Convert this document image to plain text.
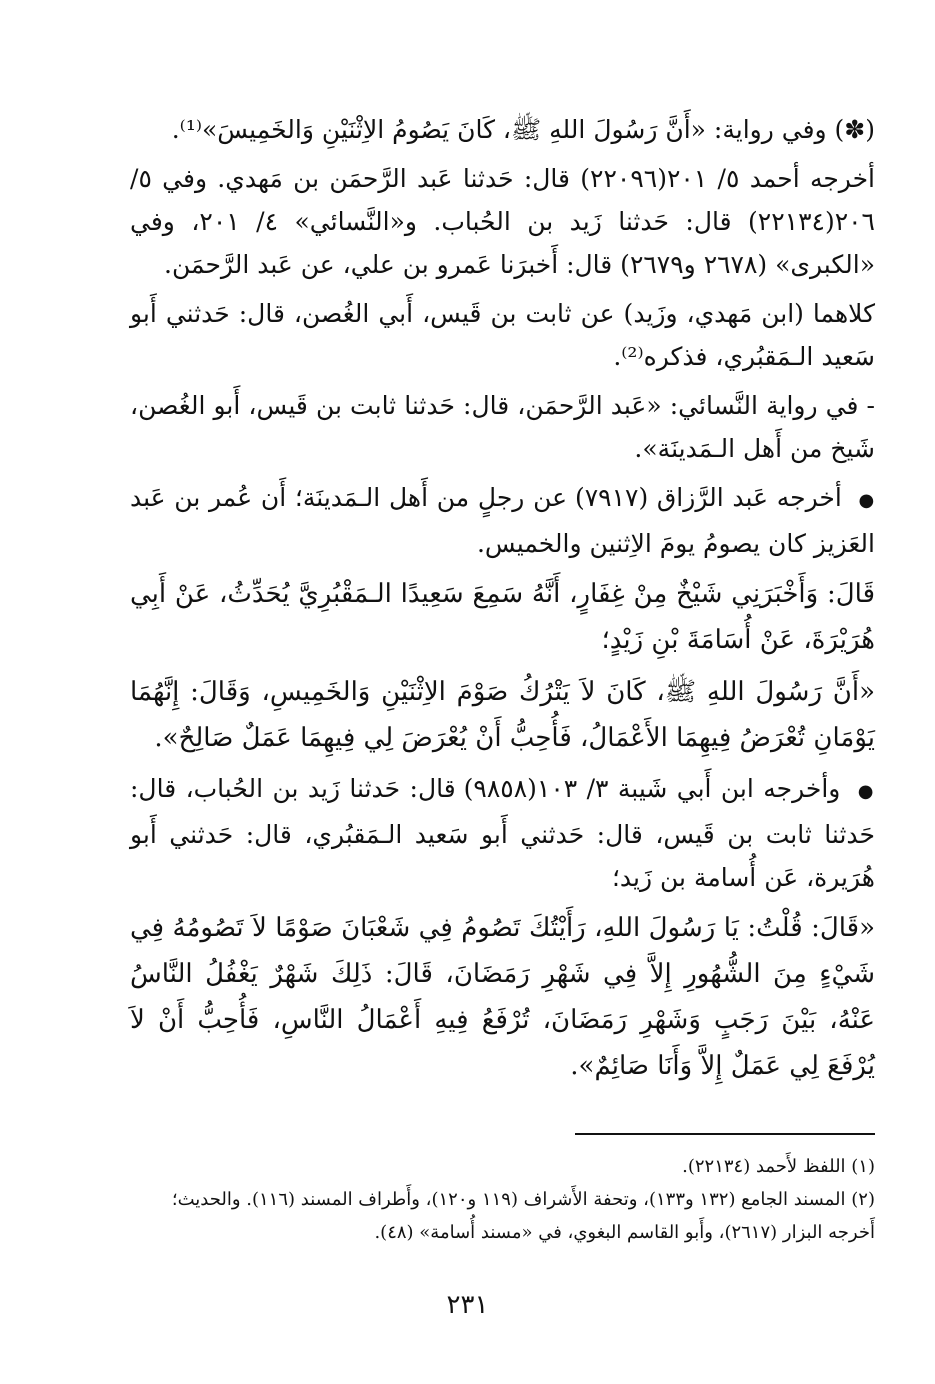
(✽) وفي رواية: «أَنَّ رَسُولَ اللهِ ﷺ، كَانَ يَصُومُ الاِثْنَيْنِ وَالخَمِيسَ»⁽¹⁾.

أخرجه أحمد ٥/ ٢٠١(٢٢٠٩٦) قال: حَدثنا عَبد الرَّحمَن بن مَهدي. وفي ٥/ ٢٠٦(٢٢١٣٤) قال: حَدثنا زَيد بن الحُباب. و«النَّسائي» ٤/ ٢٠١، وفي «الكبرى» (٢٦٧٨ و٢٦٧٩) قال: أَخبرَنا عَمرو بن علي، عن عَبد الرَّحمَن.

كلاهما (ابن مَهدي، وزَيد) عن ثابت بن قَيس، أَبي الغُصن، قال: حَدثني أَبو سَعيد الـمَقبُري، فذكره⁽²⁾.

- في رواية النَّسائي: «عَبد الرَّحمَن، قال: حَدثنا ثابت بن قَيس، أَبو الغُصن، شَيخ من أَهل الـمَدينَة».

● أخرجه عَبد الرَّزاق (٧٩١٧) عن رجلٍ من أَهل الـمَدينَة؛ أَن عُمر بن عَبد العَزيز كان يصومُ يومَ الاِثنين والخميس.

قَالَ: وَأَخْبَرَنِي شَيْخٌ مِنْ غِفَارٍ، أَنَّهُ سَمِعَ سَعِيدًا الـمَقْبُرِيَّ يُحَدِّثُ، عَنْ أَبِي هُرَيْرَةَ، عَنْ أُسَامَةَ بْنِ زَيْدٍ؛

«أَنَّ رَسُولَ اللهِ ﷺ، كَانَ لاَ يَتْرُكُ صَوْمَ الاِثْنَيْنِ وَالخَمِيسِ، وَقَالَ: إِنَّهُمَا يَوْمَانِ تُعْرَضُ فِيهِمَا الأَعْمَالُ، فَأُحِبُّ أَنْ يُعْرَضَ لِي فِيهِمَا عَمَلٌ صَالِحٌ».

● وأخرجه ابن أَبي شَيبة ٣/ ١٠٣(٩٨٥٨) قال: حَدثنا زَيد بن الحُباب، قال: حَدثنا ثابت بن قَيس، قال: حَدثني أَبو سَعيد الـمَقبُري، قال: حَدثني أَبو هُرَيرة، عَن أُسامة بن زَيد؛

«قَالَ: قُلْتُ: يَا رَسُولَ اللهِ، رَأَيْتُكَ تَصُومُ فِي شَعْبَانَ صَوْمًا لاَ تَصُومُهُ فِي شَيْءٍ مِنَ الشُّهُورِ إِلاَّ فِي شَهْرِ رَمَضَانَ، قَالَ: ذَلِكَ شَهْرٌ يَغْفُلُ النَّاسُ عَنْهُ، بَيْنَ رَجَبٍ وَشَهْرِ رَمَضَانَ، تُرْفَعُ فِيهِ أَعْمَالُ النَّاسِ، فَأُحِبُّ أَنْ لاَ يُرْفَعَ لِي عَمَلٌ إِلاَّ وَأَنَا صَائِمٌ».

(١) اللفظ لأَحمد (٢٢١٣٤).

(٢) المسند الجامع (١٣٢ و١٣٣)، وتحفة الأَشراف (١١٩ و١٢٠)، وأَطراف المسند (١١٦). والحديث؛ أَخرجه البزار (٢٦١٧)، وأَبو القاسم البغوي، في «مسند أُسامة» (٤٨).

٢٣١
